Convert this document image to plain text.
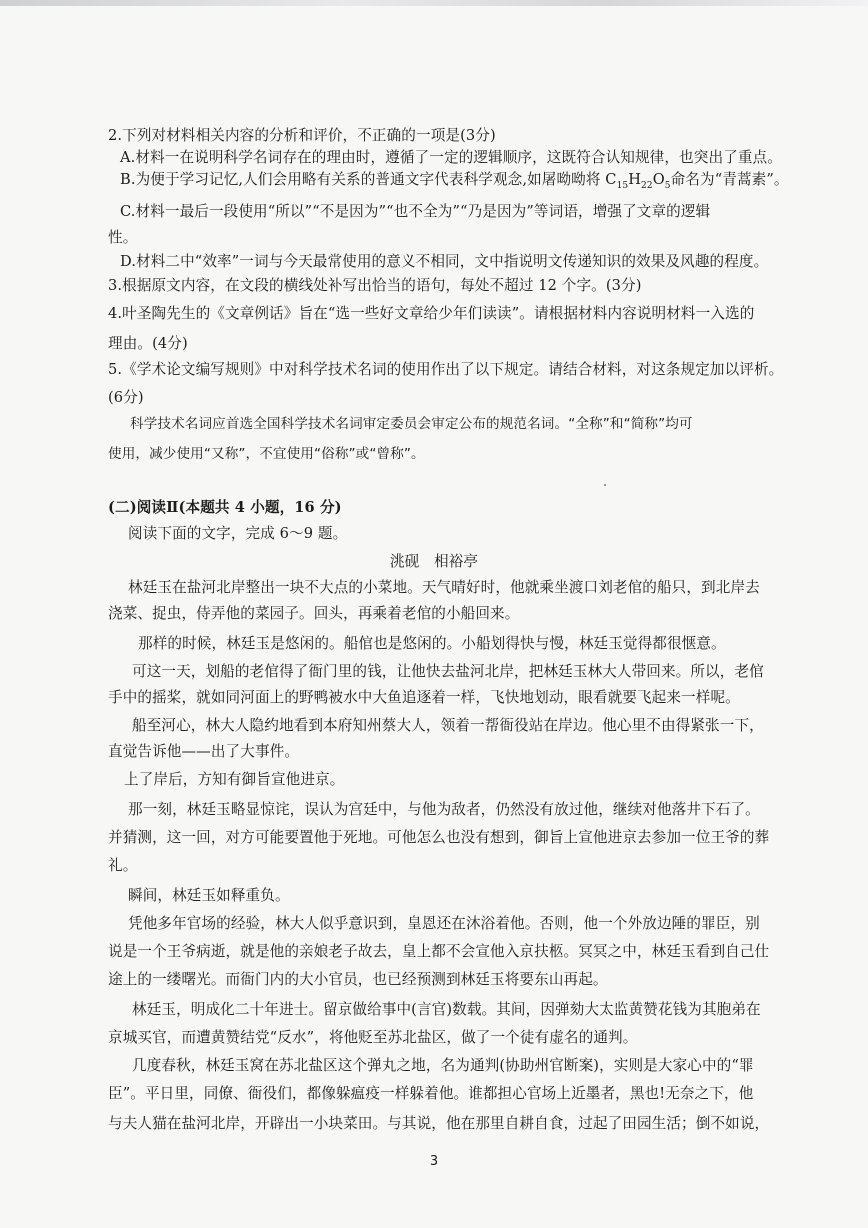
2.下列对材料相关内容的分析和评价，不正确的一项是(3分)
A.材料一在说明科学名词存在的理由时，遵循了一定的逻辑顺序，这既符合认知规律，也突出了重点。
B.为便于学习记忆,人们会用略有关系的普通文字代表科学观念,如屠呦呦将 $C_{15}H_{22}O_5$命名为“青蒿素”。
C.材料一最后一段使用“所以”“不是因为”“也不全为”“乃是因为”等词语，增强了文章的逻辑
性。
D.材料二中“效率”一词与今天最常使用的意义不相同，文中指说明文传递知识的效果及风趣的程度。
3.根据原文内容，在文段的横线处补写出恰当的语句，每处不超过 12 个字。(3分)
4.叶圣陶先生的《文章例话》旨在“选一些好文章给少年们读读”。请根据材料内容说明材料一入选的
理由。(4分)
5.《学术论文编写规则》中对科学技术名词的使用作出了以下规定。请结合材料，对这条规定加以评析。
(6分)
科学技术名词应首选全国科学技术名词审定委员会审定公布的规范名词。“全称”和“简称”均可
使用，减少使用“又称”，不宜使用“俗称”或“曾称”。
(二)阅读Ⅱ(本题共 4 小题，16 分)
阅读下面的文字，完成 6～9 题。
洮砚　相裕亭
林廷玉在盐河北岸整出一块不大点的小菜地。天气晴好时，他就乘坐渡口刘老倌的船只，到北岸去
浇菜、捉虫，侍弄他的菜园子。回头，再乘着老倌的小船回来。
那样的时候，林廷玉是悠闲的。船倌也是悠闲的。小船划得快与慢，林廷玉觉得都很惬意。
可这一天，划船的老倌得了衙门里的钱，让他快去盐河北岸，把林廷玉林大人带回来。所以，老倌
手中的摇桨，就如同河面上的野鸭被水中大鱼追逐着一样，飞快地划动，眼看就要飞起来一样呢。
船至河心，林大人隐约地看到本府知州蔡大人，领着一帮衙役站在岸边。他心里不由得紧张一下，
直觉告诉他——出了大事件。
上了岸后，方知有御旨宣他进京。
那一刻，林廷玉略显惊诧，误认为宫廷中，与他为敌者，仍然没有放过他，继续对他落井下石了。
并猜测，这一回，对方可能要置他于死地。可他怎么也没有想到，御旨上宣他进京去参加一位王爷的葬
礼。
瞬间，林廷玉如释重负。
凭他多年官场的经验，林大人似乎意识到，皇恩还在沐浴着他。否则，他一个外放边陲的罪臣，别
说是一个王爷病逝，就是他的亲娘老子故去，皇上都不会宣他入京扶柩。冥冥之中，林廷玉看到自己仕
途上的一缕曙光。而衙门内的大小官员，也已经预测到林廷玉将要东山再起。
林廷玉，明成化二十年进士。留京做给事中(言官)数载。其间，因弹劾大太监黄赞花钱为其胞弟在
京城买官，而遭黄赞结党“反水”，将他贬至苏北盐区，做了一个徒有虚名的通判。
几度春秋，林廷玉窝在苏北盐区这个弹丸之地，名为通判(协助州官断案)，实则是大家心中的“罪
臣”。平日里，同僚、衙役们，都像躲瘟疫一样躲着他。谁都担心官场上近墨者，黑也!无奈之下，他
与夫人猫在盐河北岸，开辟出一小块菜田。与其说，他在那里自耕自食，过起了田园生活；倒不如说，
3
